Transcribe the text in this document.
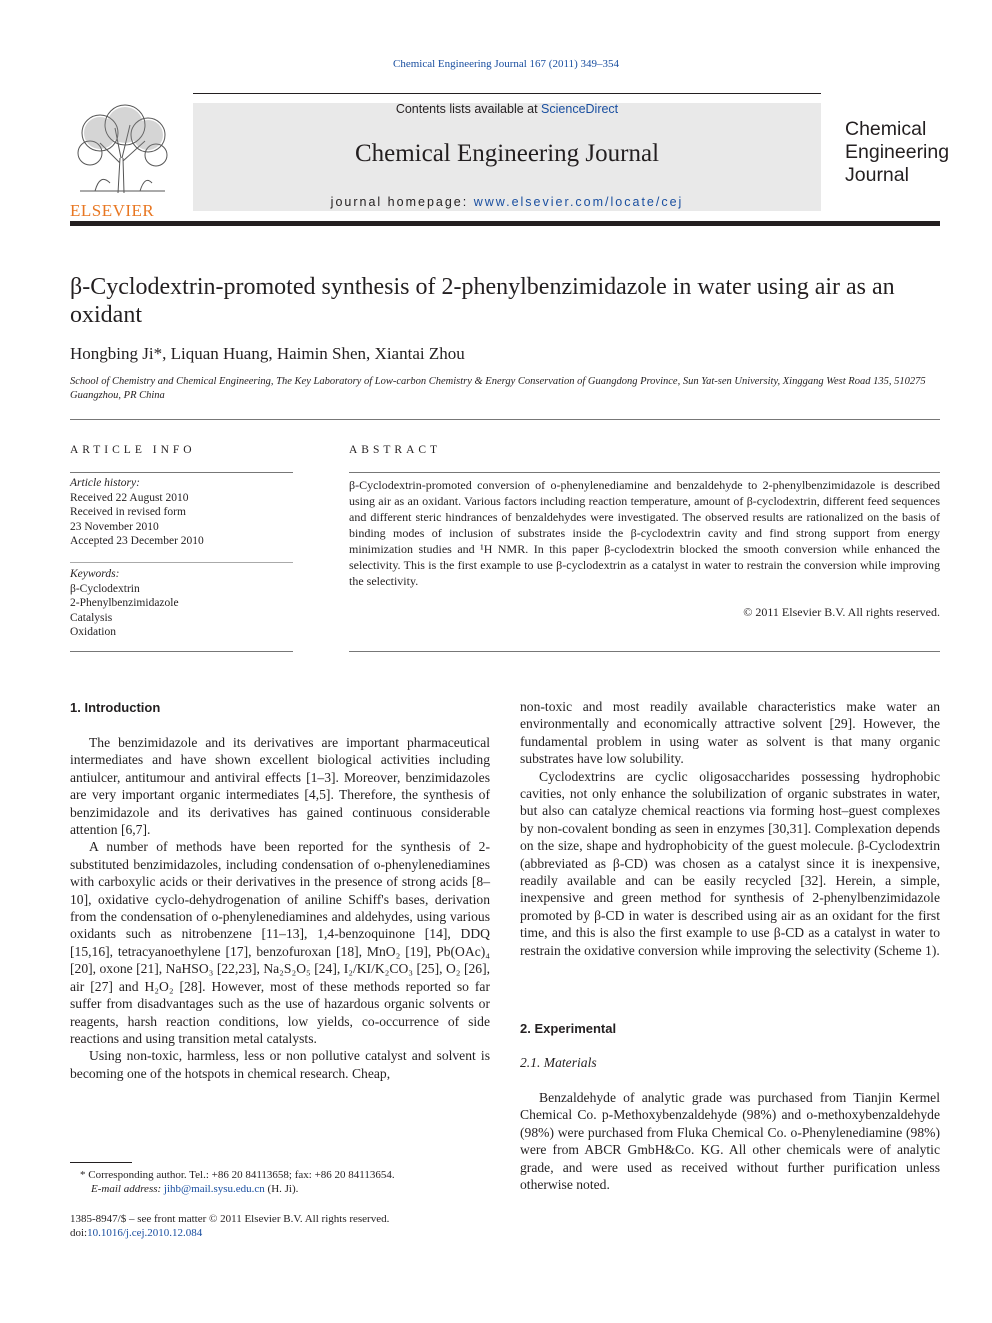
Chemical Engineering Journal 167 (2011) 349–354
ELSEVIER
Contents lists available at ScienceDirect
Chemical Engineering Journal
journal homepage: www.elsevier.com/locate/cej
Chemical
Engineering
Journal
β-Cyclodextrin-promoted synthesis of 2-phenylbenzimidazole in water using air as an oxidant
Hongbing Ji*, Liquan Huang, Haimin Shen, Xiantai Zhou
School of Chemistry and Chemical Engineering, The Key Laboratory of Low-carbon Chemistry & Energy Conservation of Guangdong Province, Sun Yat-sen University, Xinggang West Road 135, 510275 Guangzhou, PR China
ARTICLE INFO
Article history:
Received 22 August 2010
Received in revised form
23 November 2010
Accepted 23 December 2010
Keywords:
β-Cyclodextrin
2-Phenylbenzimidazole
Catalysis
Oxidation
ABSTRACT
β-Cyclodextrin-promoted conversion of o-phenylenediamine and benzaldehyde to 2-phenylbenzimidazole is described using air as an oxidant. Various factors including reaction temperature, amount of β-cyclodextrin, different feed sequences and different steric hindrances of benzaldehydes were investigated. The observed results are rationalized on the basis of binding modes of inclusion of substrates inside the β-cyclodextrin cavity and find strong support from energy minimization studies and ¹H NMR. In this paper β-cyclodextrin blocked the smooth conversion while enhanced the selectivity. This is the first example to use β-cyclodextrin as a catalyst in water to restrain the conversion while improving the selectivity.
© 2011 Elsevier B.V. All rights reserved.
1. Introduction

The benzimidazole and its derivatives are important pharmaceutical intermediates and have shown excellent biological activities including antiulcer, antitumour and antiviral effects [1–3]. Moreover, benzimidazoles are very important organic intermediates [4,5]. Therefore, the synthesis of benzimidazole and its derivatives has gained continuous considerable attention [6,7].

A number of methods have been reported for the synthesis of 2-substituted benzimidazoles, including condensation of o-phenylenediamines with carboxylic acids or their derivatives in the presence of strong acids [8–10], oxidative cyclo-dehydrogenation of aniline Schiff's bases, derivation from the condensation of o-phenylenediamines and aldehydes, using various oxidants such as nitrobenzene [11–13], 1,4-benzoquinone [14], DDQ [15,16], tetracyanoethylene [17], benzofuroxan [18], MnO₂ [19], Pb(OAc)₄ [20], oxone [21], NaHSO₃ [22,23], Na₂S₂O₅ [24], I₂/KI/K₂CO₃ [25], O₂ [26], air [27] and H₂O₂ [28]. However, most of these methods reported so far suffer from disadvantages such as the use of hazardous organic solvents or reagents, harsh reaction conditions, low yields, co-occurrence of side reactions and using transition metal catalysts.

Using non-toxic, harmless, less or non pollutive catalyst and solvent is becoming one of the hotspots in chemical research. Cheap,

non-toxic and most readily available characteristics make water an environmentally and economically attractive solvent [29]. However, the fundamental problem in using water as solvent is that many organic substrates have low solubility.

Cyclodextrins are cyclic oligosaccharides possessing hydrophobic cavities, not only enhance the solubilization of organic substrates in water, but also can catalyze chemical reactions via forming host–guest complexes by non-covalent bonding as seen in enzymes [30,31]. Complexation depends on the size, shape and hydrophobicity of the guest molecule. β-Cyclodextrin (abbreviated as β-CD) was chosen as a catalyst since it is inexpensive, readily available and can be easily recycled [32]. Herein, a simple, inexpensive and green method for synthesis of 2-phenylbenzimidazole promoted by β-CD in water is described using air as an oxidant for the first time, and this is also the first example to use β-CD as a catalyst in water to restrain the oxidative conversion while improving the selectivity (Scheme 1).

2. Experimental
2.1. Materials

Benzaldehyde of analytic grade was purchased from Tianjin Kermel Chemical Co. p-Methoxybenzaldehyde (98%) and o-methoxybenzaldehyde (98%) were purchased from Fluka Chemical Co. o-Phenylenediamine (98%) were from ABCR GmbH&Co. KG. All other chemicals were of analytic grade, and were used as received without further purification unless otherwise noted.

* Corresponding author. Tel.: +86 20 84113658; fax: +86 20 84113654.
E-mail address: jihb@mail.sysu.edu.cn (H. Ji).
1385-8947/$ – see front matter © 2011 Elsevier B.V. All rights reserved.
doi:10.1016/j.cej.2010.12.084
